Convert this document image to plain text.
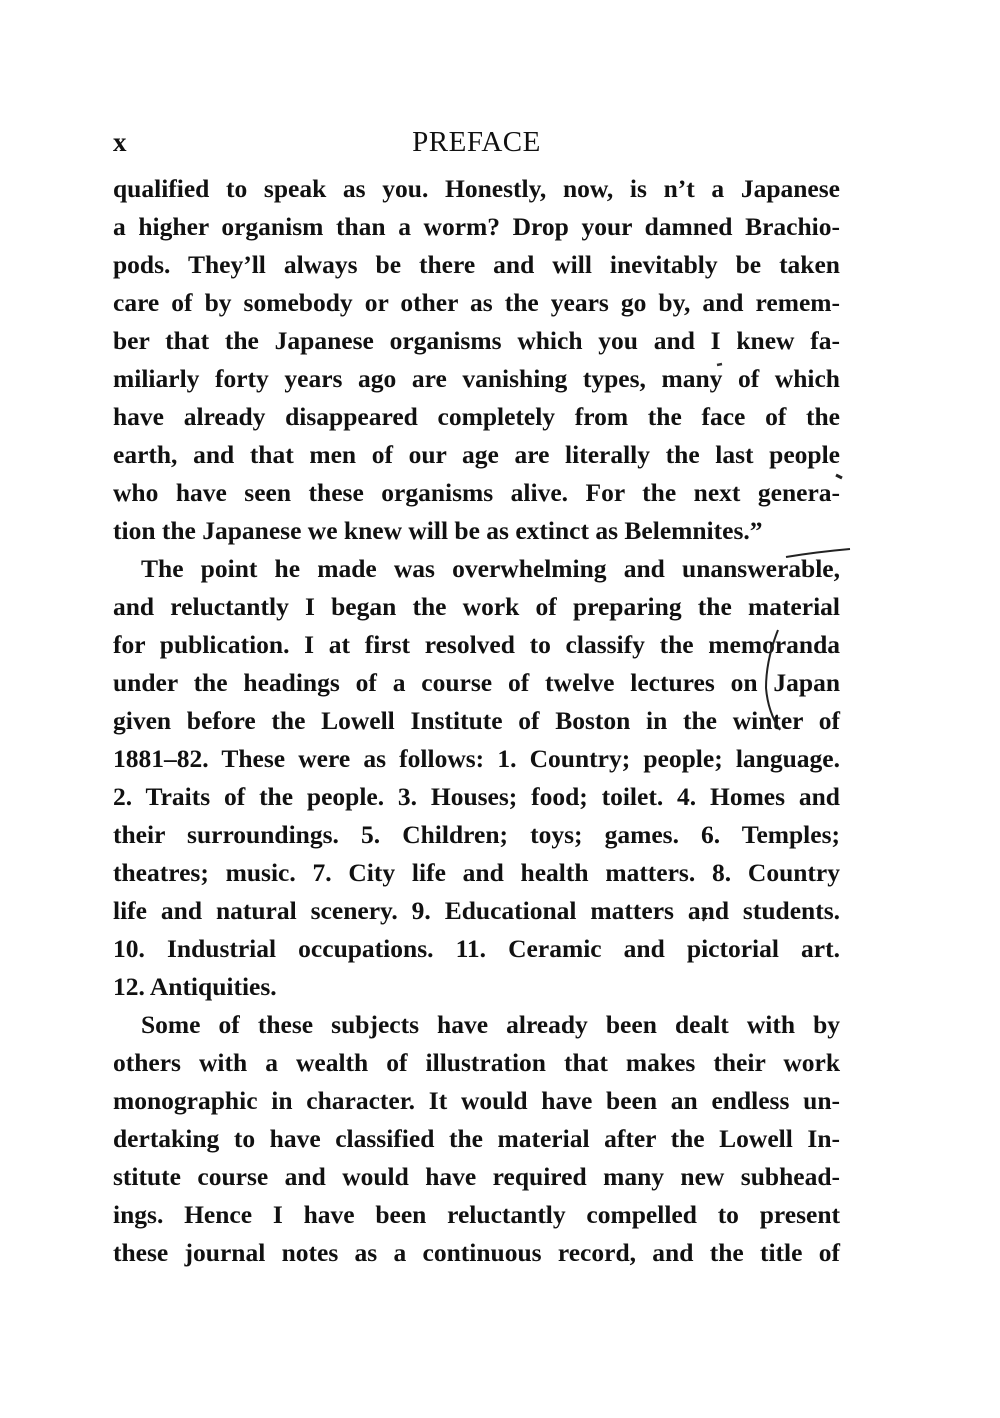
x	PREFACE
qualified to speak as you. Honestly, now, is n’t a Japanese
a higher organism than a worm? Drop your damned Brachio-
pods. They’ll always be there and will inevitably be taken
care of by somebody or other as the years go by, and remem-
ber that the Japanese organisms which you and I knew fa-
miliarly forty years ago are vanishing types, many of which
have already disappeared completely from the face of the
earth, and that men of our age are literally the last people
who have seen these organisms alive. For the next genera-
tion the Japanese we knew will be as extinct as Belemnites.”
The point he made was overwhelming and unanswerable,
and reluctantly I began the work of preparing the material
for publication. I at first resolved to classify the memoranda
under the headings of a course of twelve lectures on Japan
given before the Lowell Institute of Boston in the winter of
1881–82. These were as follows: 1. Country; people; language.
2. Traits of the people. 3. Houses; food; toilet. 4. Homes and
their surroundings. 5. Children; toys; games. 6. Temples;
theatres; music. 7. City life and health matters. 8. Country
life and natural scenery. 9. Educational matters and students.
10. Industrial occupations. 11. Ceramic and pictorial art.
12. Antiquities.
Some of these subjects have already been dealt with by
others with a wealth of illustration that makes their work
monographic in character. It would have been an endless un-
dertaking to have classified the material after the Lowell In-
stitute course and would have required many new subhead-
ings. Hence I have been reluctantly compelled to present
these journal notes as a continuous record, and the title of
